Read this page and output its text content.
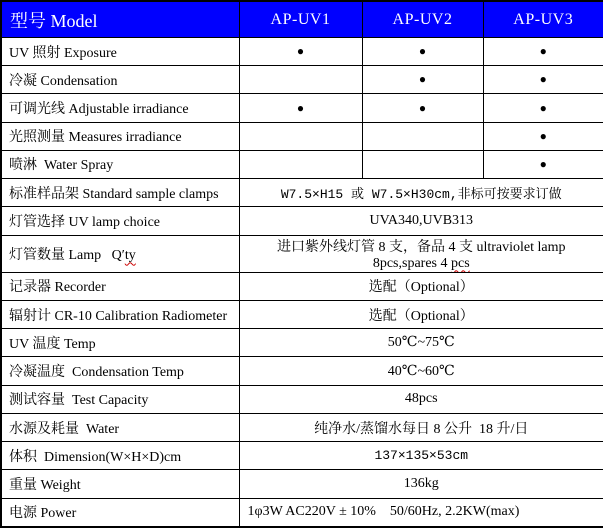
型号 Model	AP-UV1	AP-UV2	AP-UV3
UV 照射 Exposure	●	●	●
冷凝 Condensation		●	●
可调光线 Adjustable irradiance	●	●	●
光照测量 Measures irradiance			●
喷淋  Water Spray			●
标准样品架 Standard sample clamps	W7.5×H15 或 W7.5×H30cm,非标可按要求订做		
灯管选择 UV lamp choice	UVA340,UVB313		
灯管数量 Lamp   Q′ty	进口紫外线灯管 8 支，备品 4 支 ultraviolet lamp 8pcs,spares 4 pcs		
记录器 Recorder	选配（Optional）		
辐射计 CR-10 Calibration Radiometer	选配（Optional）		
UV 温度 Temp	50℃~75℃		
冷凝温度  Condensation Temp	40℃~60℃		
测试容量  Test Capacity	48pcs		
水源及耗量  Water	纯净水/蒸馏水每日 8 公升  18 升/日		
体积  Dimension(W×H×D)cm	137×135×53cm		
重量 Weight	136kg		
电源 Power	1φ3W AC220V ± 10%    50/60Hz, 2.2KW(max)		
